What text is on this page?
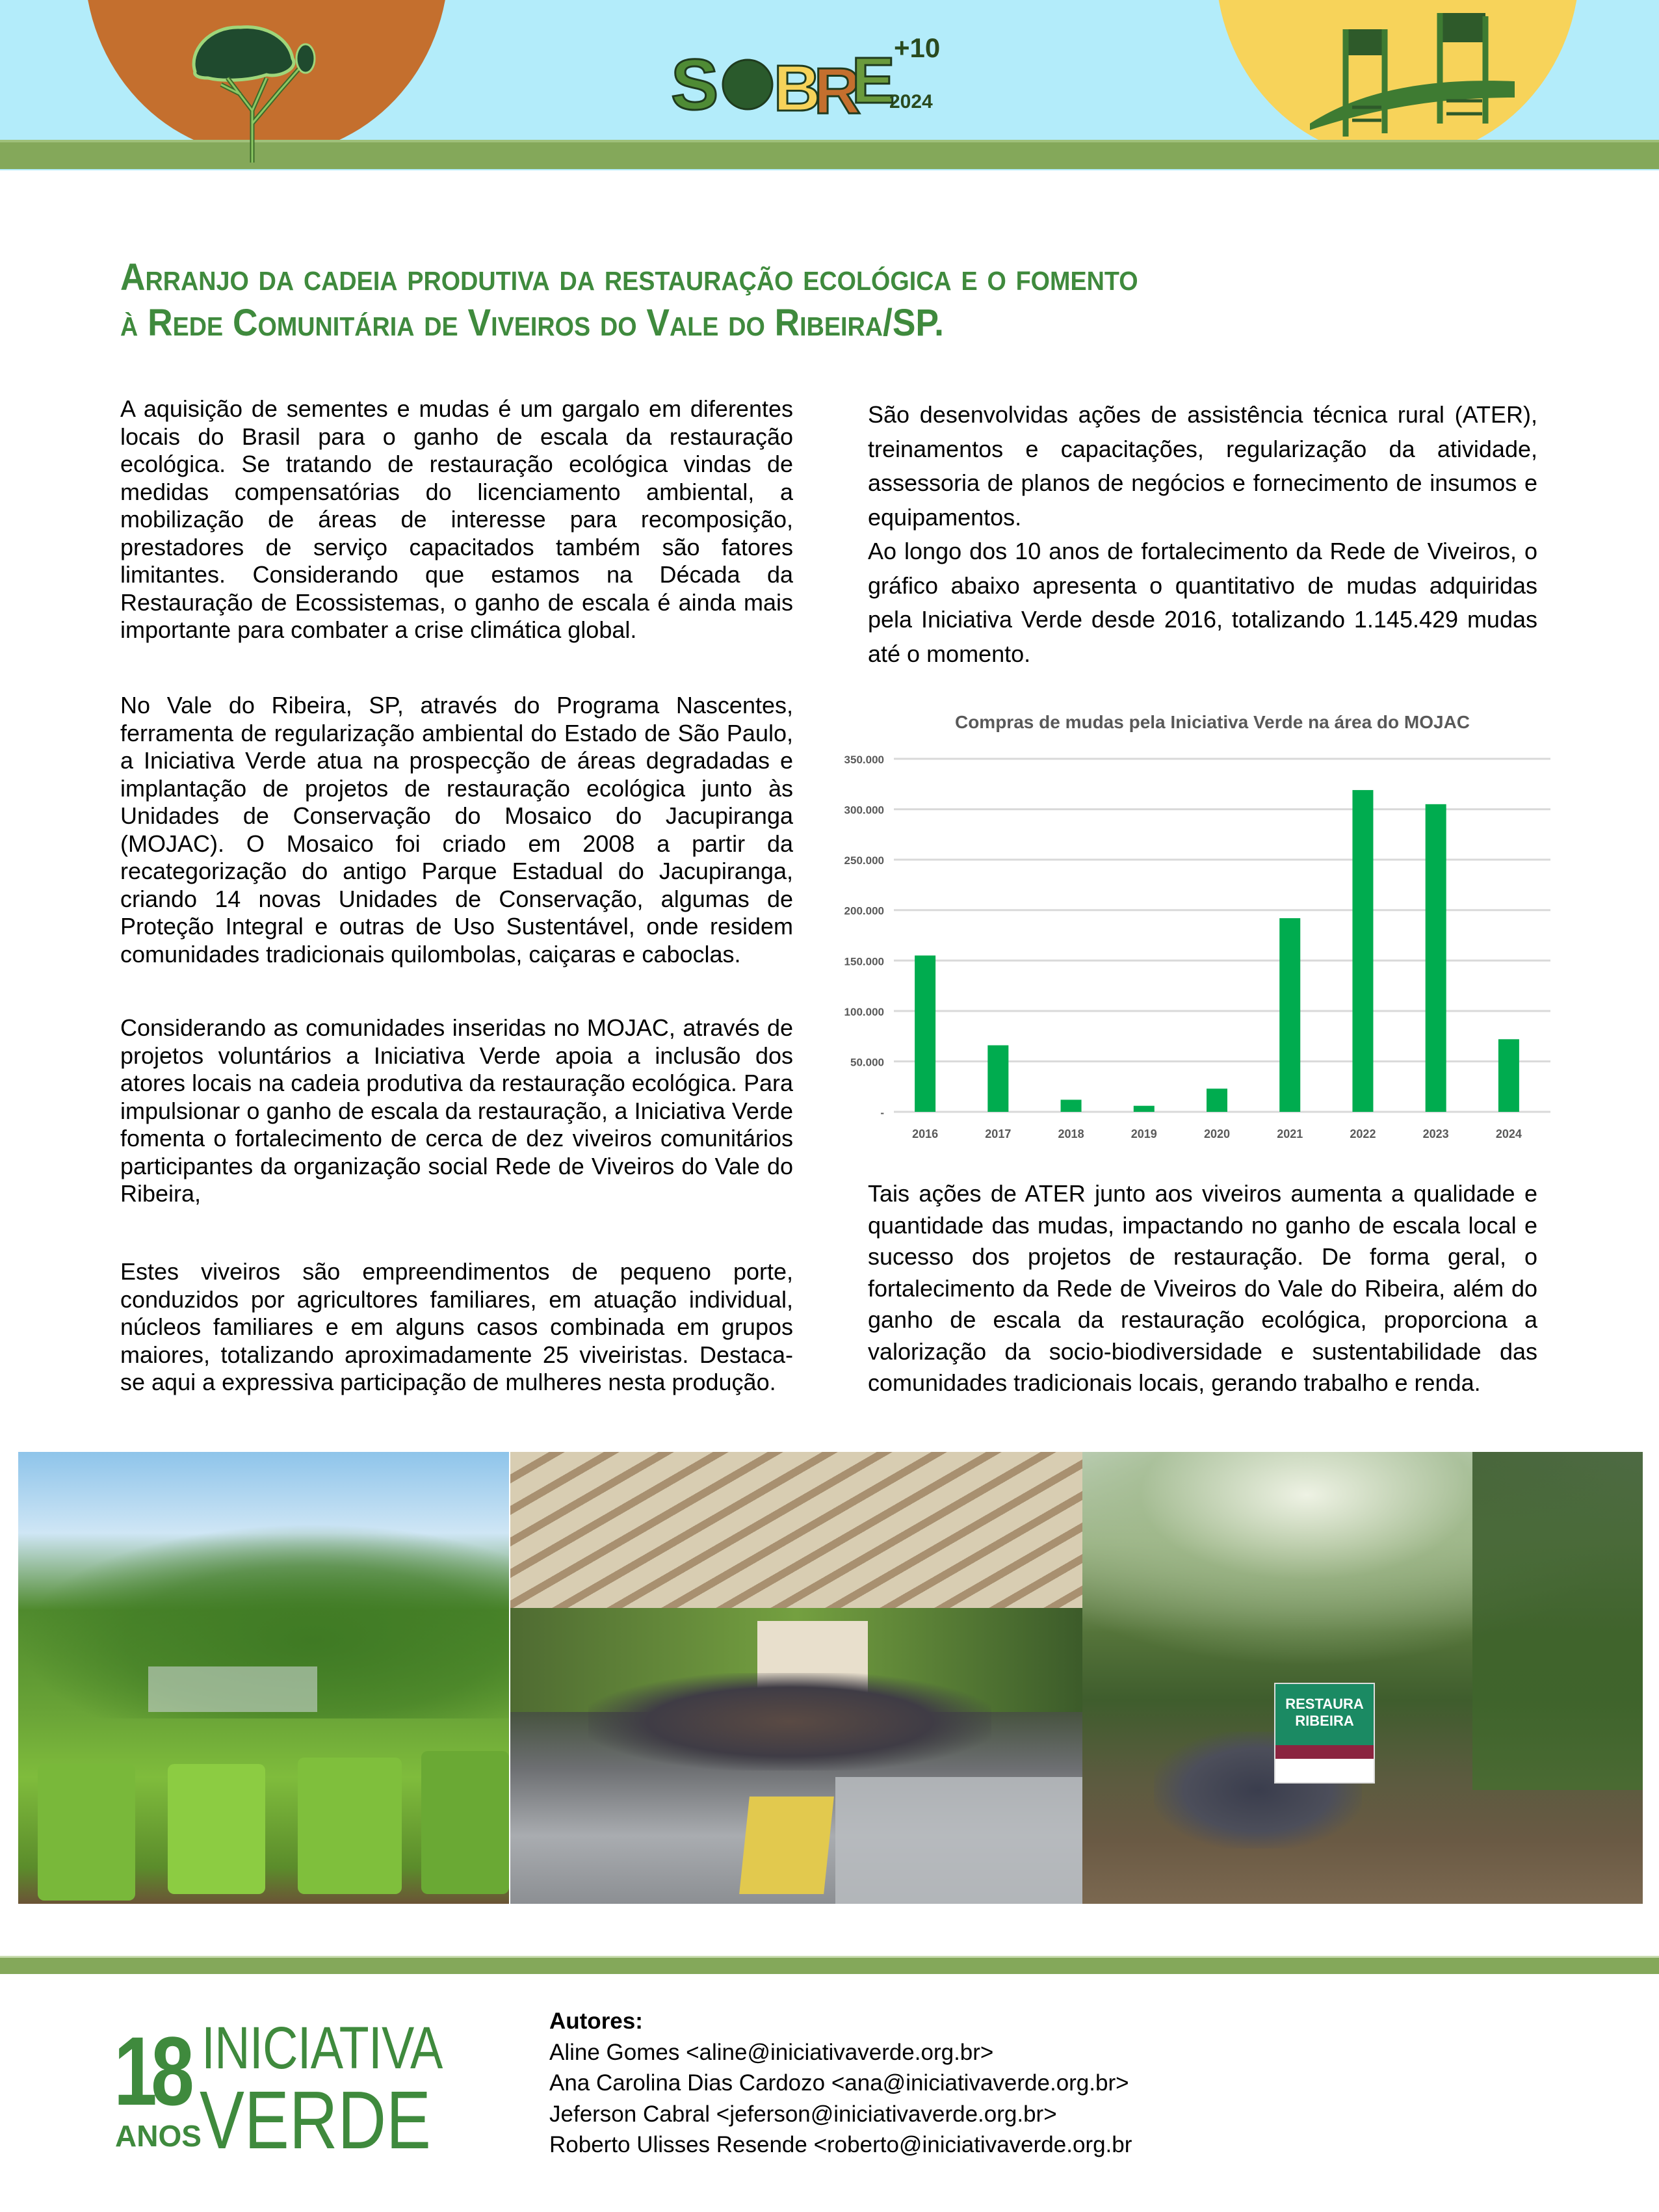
S B
R
E
+10
2024
Arranjo da cadeia produtiva da restauração ecológica e o fomento
à Rede Comunitária de Viveiros do Vale do Ribeira/SP.
A aquisição de sementes e mudas é um gargalo em diferentes locais do Brasil para o ganho de escala da restauração ecológica. Se tratando de restauração ecológica vindas de medidas compensatórias do licenciamento ambiental, a mobilização de áreas de interesse para recomposição, prestadores de serviço capacitados também são fatores limitantes. Considerando que estamos na Década da Restauração de Ecossistemas, o ganho de escala é ainda mais importante para combater a crise climática global.
No Vale do Ribeira, SP, através do Programa Nascentes, ferramenta de regularização ambiental do Estado de São Paulo, a Iniciativa Verde atua na prospecção de áreas degradadas e implantação de projetos de restauração ecológica junto às Unidades de Conservação do Mosaico do Jacupiranga (MOJAC). O Mosaico foi criado em 2008 a partir da recategorização do antigo Parque Estadual do Jacupiranga, criando 14 novas Unidades de Conservação, algumas de Proteção Integral e outras de Uso Sustentável, onde residem comunidades tradicionais quilombolas, caiçaras e caboclas.
Considerando as comunidades inseridas no MOJAC, através de projetos voluntários a Iniciativa Verde apoia a inclusão dos atores locais na cadeia produtiva da restauração ecológica. Para impulsionar o ganho de escala da restauração, a Iniciativa Verde fomenta o fortalecimento de cerca de dez viveiros comunitários participantes da organização social Rede de Viveiros do Vale do Ribeira,
Estes viveiros são empreendimentos de pequeno porte, conduzidos por agricultores familiares, em atuação individual, núcleos familiares e em alguns casos combinada em grupos maiores, totalizando aproximadamente 25 viveiristas. Destaca-se aqui a expressiva participação de mulheres nesta produção.

São desenvolvidas ações de assistência técnica rural (ATER), treinamentos e capacitações, regularização da atividade, assessoria de planos de negócios e fornecimento de insumos e equipamentos.

Ao longo dos 10 anos de fortalecimento da Rede de Viveiros, o gráfico abaixo apresenta o quantitativo de mudas adquiridas pela Iniciativa Verde desde 2016, totalizando 1.145.429 mudas até o momento.

Compras de mudas pela Iniciativa Verde na área do MOJAC
2016	2017	2018	2019	2020	2021	2022	2023	2024
-
50.000
100.000
150.000
200.000
250.000
300.000
350.000
Tais ações de ATER junto aos viveiros aumenta a qualidade e quantidade das mudas, impactando no ganho de escala local e sucesso dos projetos de restauração. De forma geral, o fortalecimento da Rede de Viveiros do Vale do Ribeira, além do ganho de escala da restauração ecológica, proporciona a valorização da socio-biodiversidade e sustentabilidade das comunidades tradicionais locais, gerando trabalho e renda.
RESTAURA RIBEIRA
18
ANOS
INICIATIVA
VERDE
Autores:
Aline Gomes <aline@iniciativaverde.org.br>
Ana Carolina Dias Cardozo <ana@iniciativaverde.org.br>
Jeferson Cabral <jeferson@iniciativaverde.org.br>
Roberto Ulisses Resende <roberto@iniciativaverde.org.br
